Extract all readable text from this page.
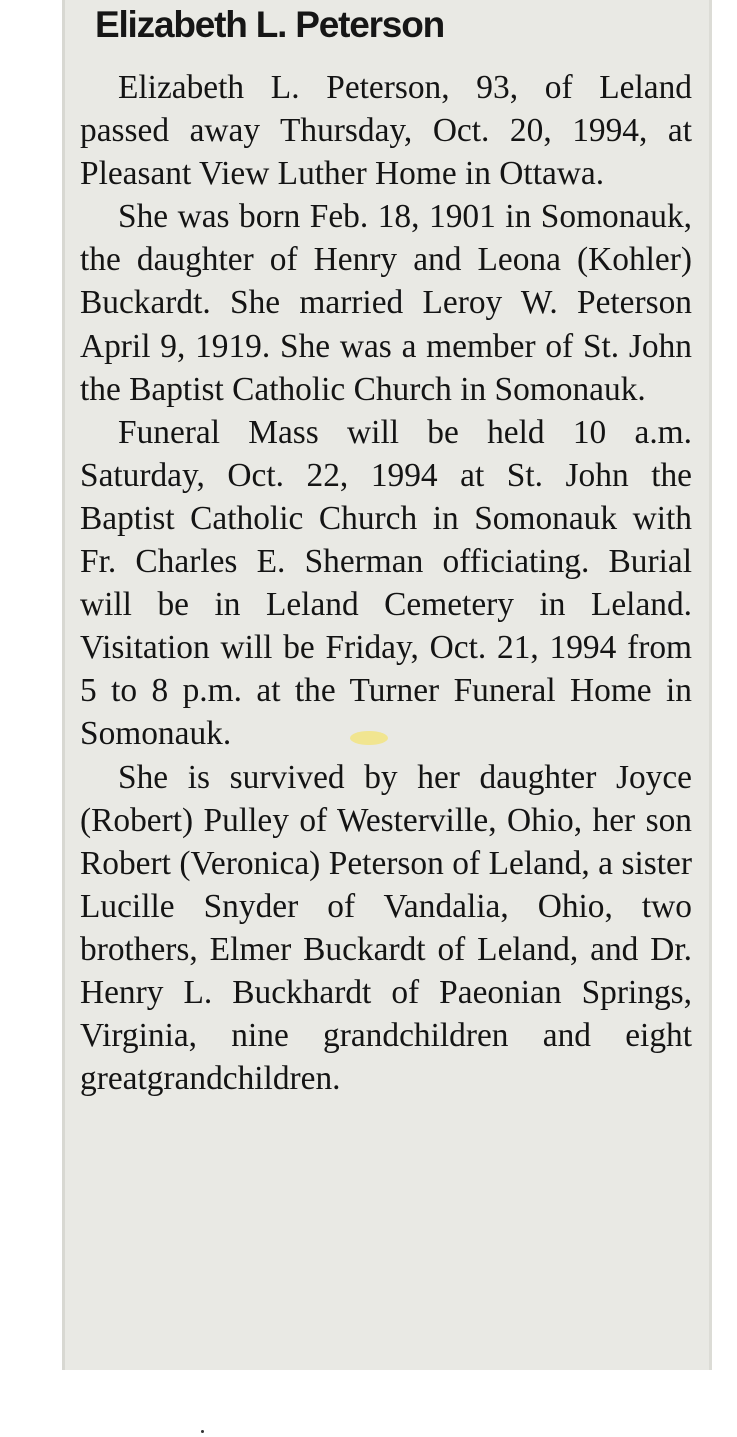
Elizabeth L. Peterson

Elizabeth L. Peterson, 93, of Leland passed away Thursday, Oct. 20, 1994, at Pleasant View Luther Home in Ottawa.

She was born Feb. 18, 1901 in Somonauk, the daughter of Henry and Leona (Kohler) Buckardt. She married Leroy W. Peterson April 9, 1919. She was a member of St. John the Baptist Catholic Church in Somonauk.

Funeral Mass will be held 10 a.m. Saturday, Oct. 22, 1994 at St. John the Baptist Catholic Church in Somonauk with Fr. Charles E. Sherman officiating. Burial will be in Leland Cemetery in Leland. Visitation will be Friday, Oct. 21, 1994 from 5 to 8 p.m. at the Turner Funeral Home in Somonauk.

She is survived by her daughter Joyce (Robert) Pulley of Westerville, Ohio, her son Robert (Veronica) Peterson of Leland, a sister Lucille Snyder of Vandalia, Ohio, two brothers, Elmer Buckardt of Leland, and Dr. Henry L. Buckhardt of Paeonian Springs, Virginia, nine grandchildren and eight greatgrandchildren.
